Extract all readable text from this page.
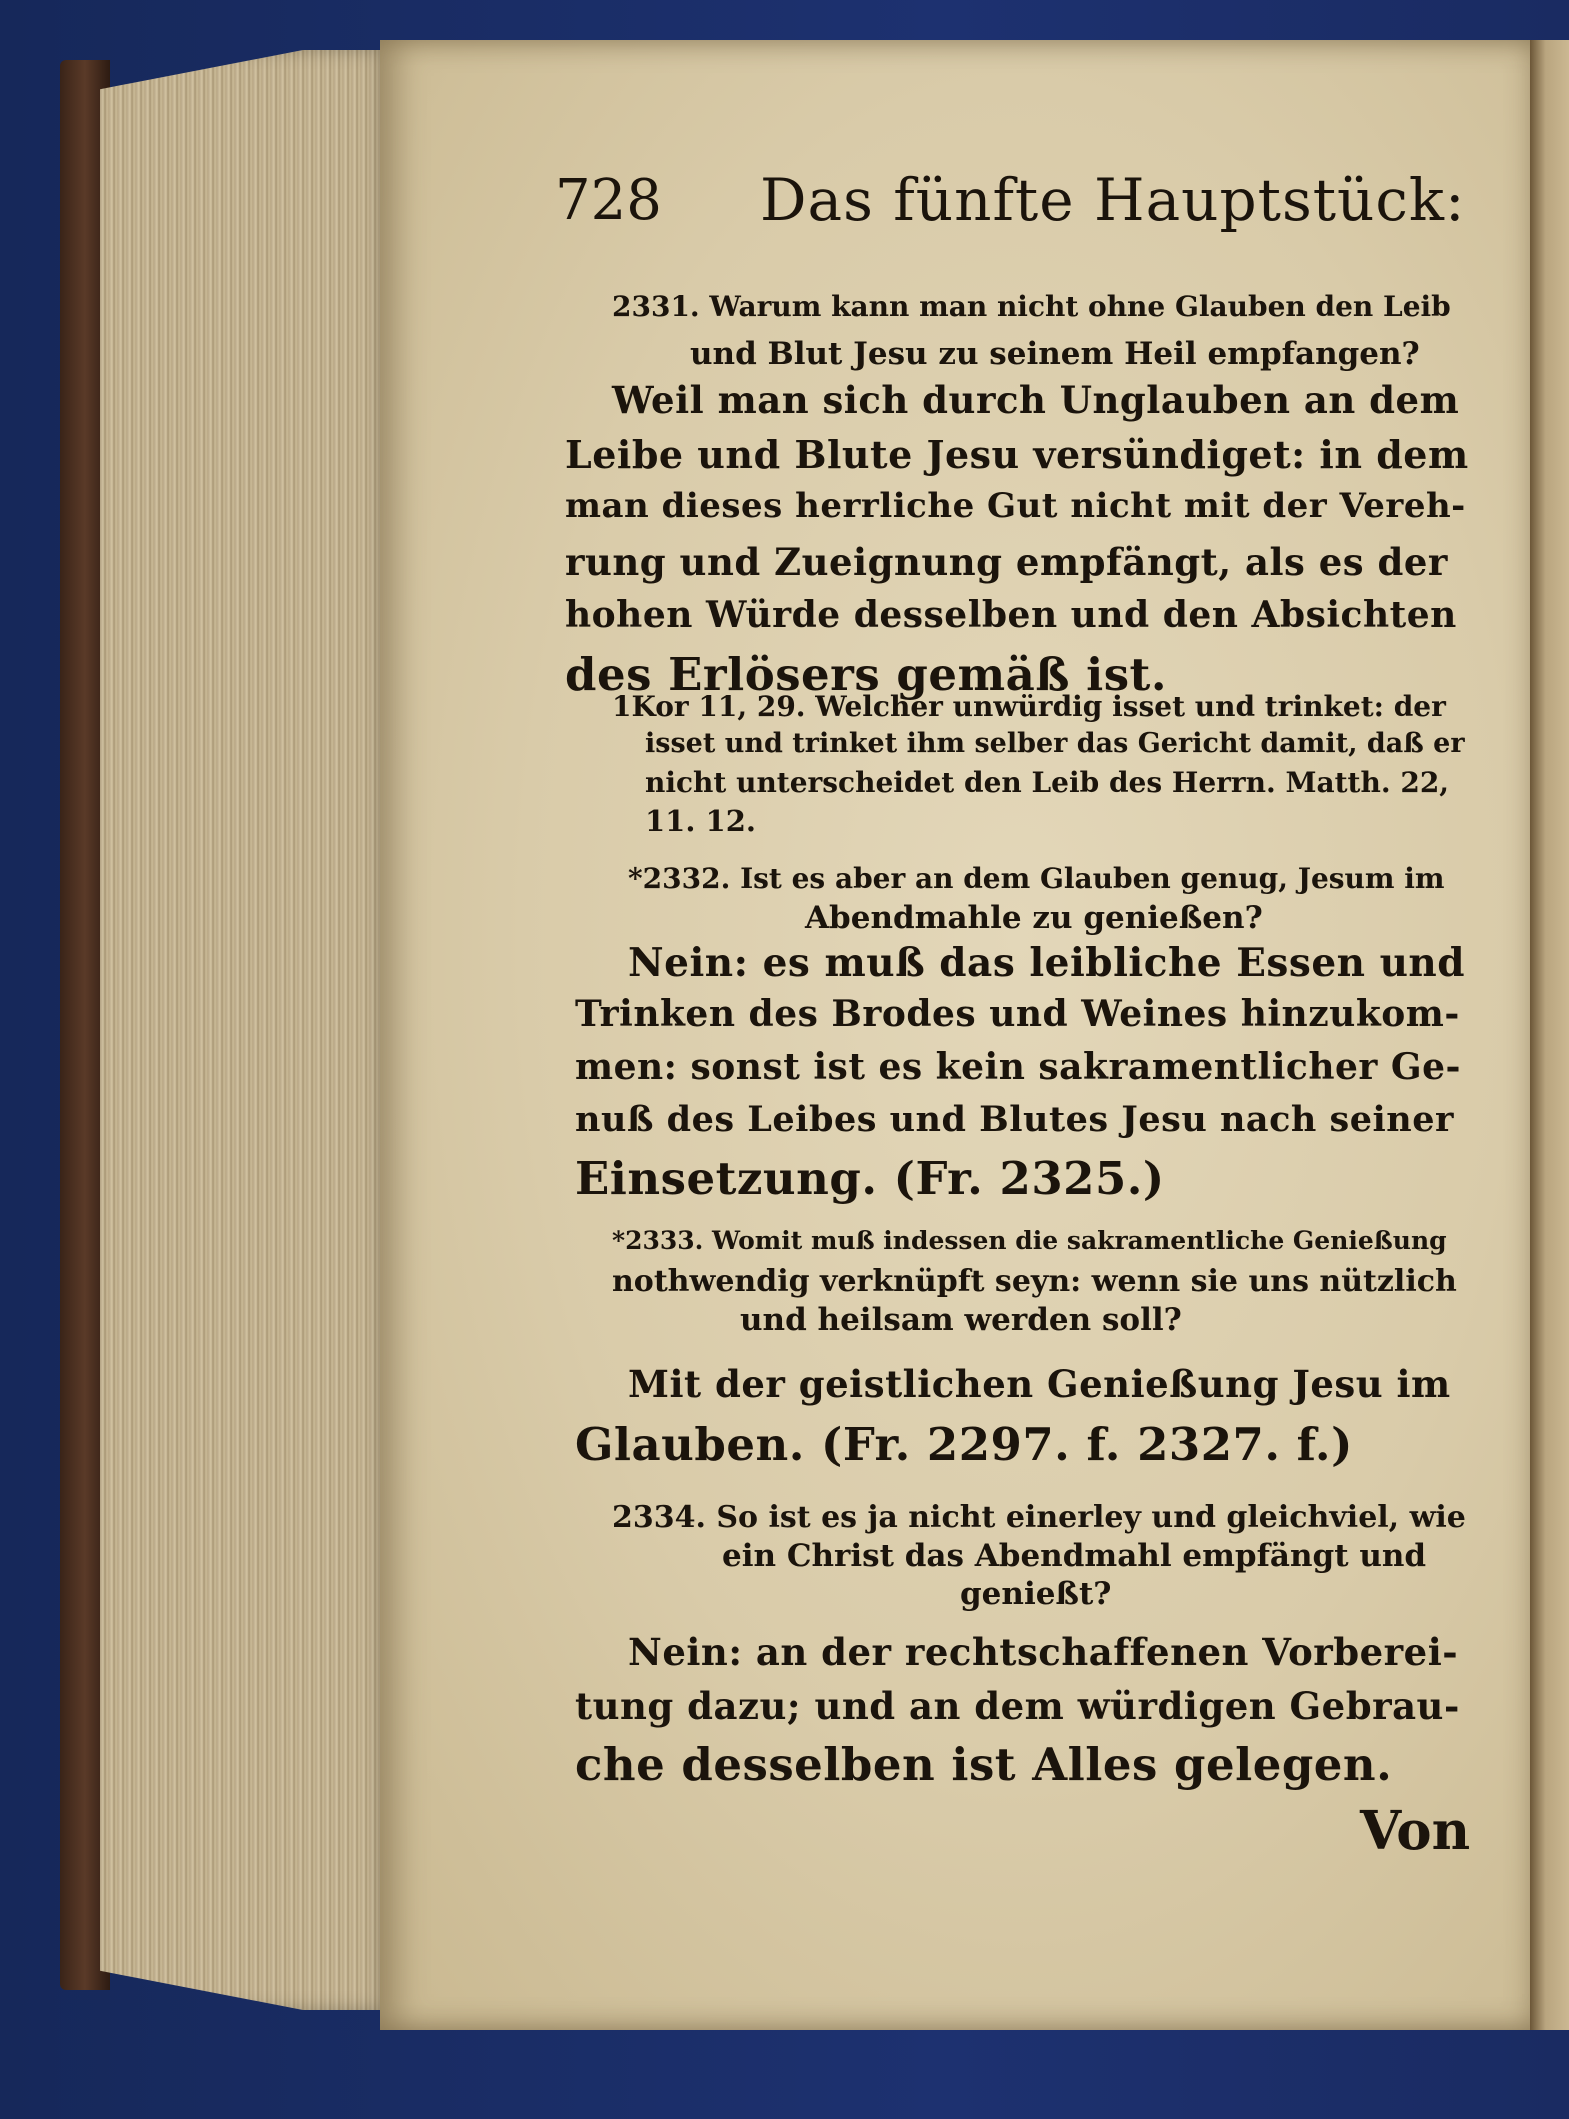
728 Das fünfte Hauptstück:
2331. Warum kann man nicht ohne Glauben den Leib
und Blut Jesu zu seinem Heil empfangen?
Weil man sich durch Unglauben an dem
Leibe und Blute Jesu versündiget: in dem
man dieses herrliche Gut nicht mit der Vereh-
rung und Zueignung empfängt, als es der
hohen Würde desselben und den Absichten
des Erlösers gemäß ist.
1Kor 11, 29. Welcher unwürdig isset und trinket: der
isset und trinket ihm selber das Gericht damit, daß er
nicht unterscheidet den Leib des Herrn. Matth. 22,
11. 12.
*2332. Ist es aber an dem Glauben genug, Jesum im
Abendmahle zu genießen?
Nein: es muß das leibliche Essen und
Trinken des Brodes und Weines hinzukom-
men: sonst ist es kein sakramentlicher Ge-
nuß des Leibes und Blutes Jesu nach seiner
Einsetzung. (Fr. 2325.)
*2333. Womit muß indessen die sakramentliche Genießung
nothwendig verknüpft seyn: wenn sie uns nützlich
und heilsam werden soll?
Mit der geistlichen Genießung Jesu im
Glauben. (Fr. 2297. f. 2327. f.)
2334. So ist es ja nicht einerley und gleichviel, wie
ein Christ das Abendmahl empfängt und
genießt?
Nein: an der rechtschaffenen Vorberei-
tung dazu; und an dem würdigen Gebrau-
che desselben ist Alles gelegen.
Von
